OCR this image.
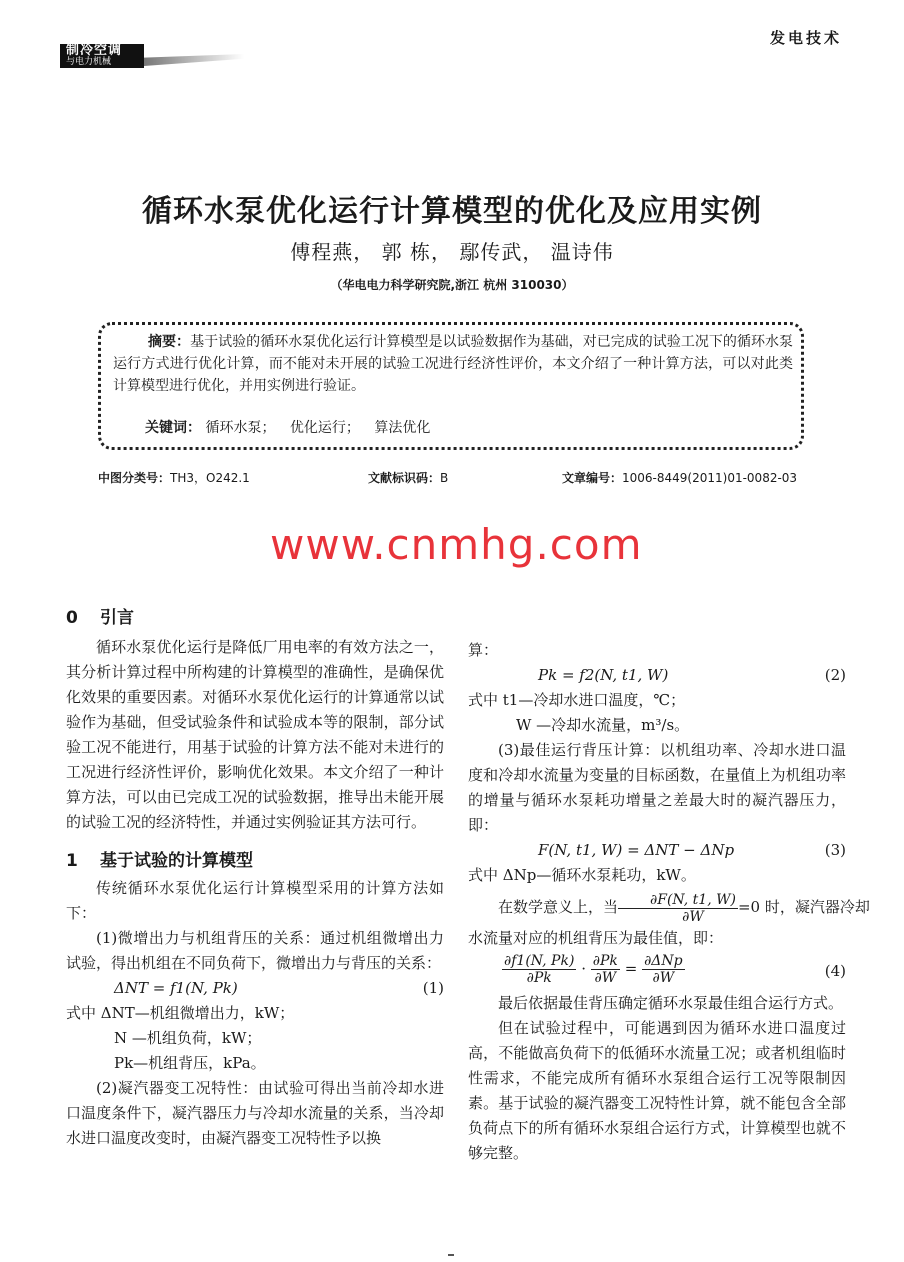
制冷空调
与电力机械
发电技术
循环水泵优化运行计算模型的优化及应用实例
傅程燕， 郭 栋， 鄢传武， 温诗伟
（华电电力科学研究院,浙江 杭州 310030）
摘要：基于试验的循环水泵优化运行计算模型是以试验数据作为基础，对已完成的试验工况下的循环水泵运行方式进行优化计算，而不能对未开展的试验工况进行经济性评价，本文介绍了一种计算方法，可以对此类计算模型进行优化，并用实例进行验证。
关键词： 循环水泵； 优化运行； 算法优化
中图分类号：TH3，O242.1	文献标识码：B	文章编号：1006-8449(2011)01-0082-03
www.cnmhg.com
0 引言

循环水泵优化运行是降低厂用电率的有效方法之一，其分析计算过程中所构建的计算模型的准确性，是确保优化效果的重要因素。对循环水泵优化运行的计算通常以试验作为基础，但受试验条件和试验成本等的限制，部分试验工况不能进行，用基于试验的计算方法不能对未进行的工况进行经济性评价，影响优化效果。本文介绍了一种计算方法，可以由已完成工况的试验数据，推导出未能开展的试验工况的经济特性，并通过实例验证其方法可行。

1 基于试验的计算模型

传统循环水泵优化运行计算模型采用的计算方法如下：

(1)微增出力与机组背压的关系：通过机组微增出力试验，得出机组在不同负荷下，微增出力与背压的关系：

ΔNT = f1(N, Pk)	(1)

式中 ΔNT—机组微增出力，kW；

N —机组负荷，kW；

Pk—机组背压，kPa。

(2)凝汽器变工况特性：由试验可得出当前冷却水进口温度条件下，凝汽器压力与冷却水流量的关系，当冷却水进口温度改变时，由凝汽器变工况特性予以换

算：

Pk = f2(N, t1, W)	(2)

式中 t1—冷却水进口温度，℃；

W —冷却水流量，m³/s。

(3)最佳运行背压计算：以机组功率、冷却水进口温度和冷却水流量为变量的目标函数，在量值上为机组功率的增量与循环水泵耗功增量之差最大时的凝汽器压力，即：

F(N, t1, W) = ΔNT − ΔNp	(3)

式中 ΔNp—循环水泵耗功，kW。

在数学意义上，当 $\frac{\partial F(N, t1, W)}{\partial W} =0$ 时，凝汽器冷却

水流量对应的机组背压为最佳值，即：

$\frac{\partial f1(N, Pk)}{\partial Pk} \cdot \frac{\partial Pk}{\partial W} = \frac{\text{∂ΔNp}}{\partial W}$	(4)

最后依据最佳背压确定循环水泵最佳组合运行方式。

但在试验过程中，可能遇到因为循环水进口温度过高，不能做高负荷下的低循环水流量工况；或者机组临时性需求，不能完成所有循环水泵组合运行工况等限制因素。基于试验的凝汽器变工况特性计算，就不能包含全部负荷点下的所有循环水泵组合运行方式，计算模型也就不够完整。
